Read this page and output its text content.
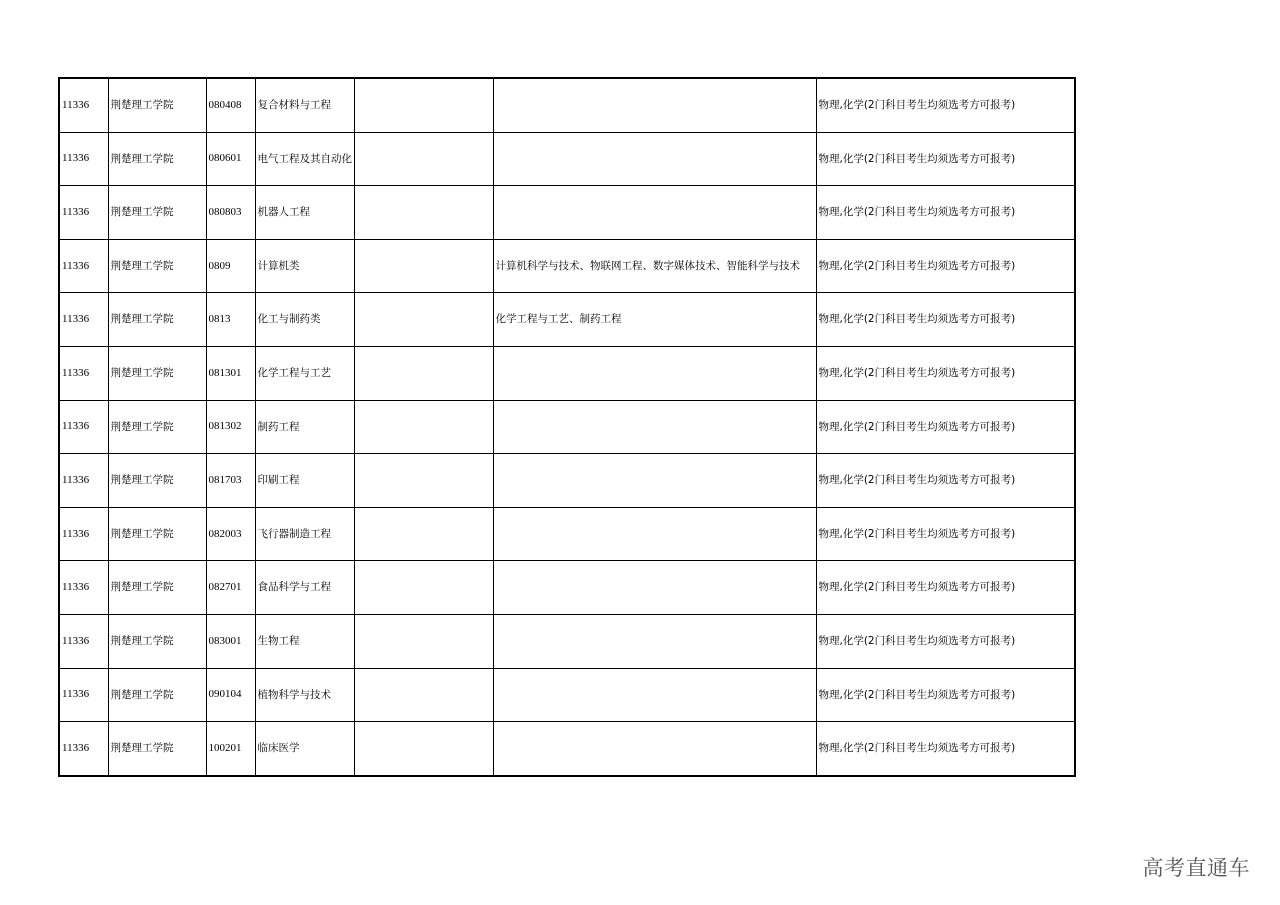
11336	荆楚理工学院	080408	复合材料与工程			物理,化学(2门科目考生均须选考方可报考)
11336	荆楚理工学院	080601	电气工程及其自动化			物理,化学(2门科目考生均须选考方可报考)
11336	荆楚理工学院	080803	机器人工程			物理,化学(2门科目考生均须选考方可报考)
11336	荆楚理工学院	0809	计算机类		计算机科学与技术、物联网工程、数字媒体技术、智能科学与技术	物理,化学(2门科目考生均须选考方可报考)
11336	荆楚理工学院	0813	化工与制药类		化学工程与工艺、制药工程	物理,化学(2门科目考生均须选考方可报考)
11336	荆楚理工学院	081301	化学工程与工艺			物理,化学(2门科目考生均须选考方可报考)
11336	荆楚理工学院	081302	制药工程			物理,化学(2门科目考生均须选考方可报考)
11336	荆楚理工学院	081703	印刷工程			物理,化学(2门科目考生均须选考方可报考)
11336	荆楚理工学院	082003	飞行器制造工程			物理,化学(2门科目考生均须选考方可报考)
11336	荆楚理工学院	082701	食品科学与工程			物理,化学(2门科目考生均须选考方可报考)
11336	荆楚理工学院	083001	生物工程			物理,化学(2门科目考生均须选考方可报考)
11336	荆楚理工学院	090104	植物科学与技术			物理,化学(2门科目考生均须选考方可报考)
11336	荆楚理工学院	100201	临床医学			物理,化学(2门科目考生均须选考方可报考)
高考直通车
